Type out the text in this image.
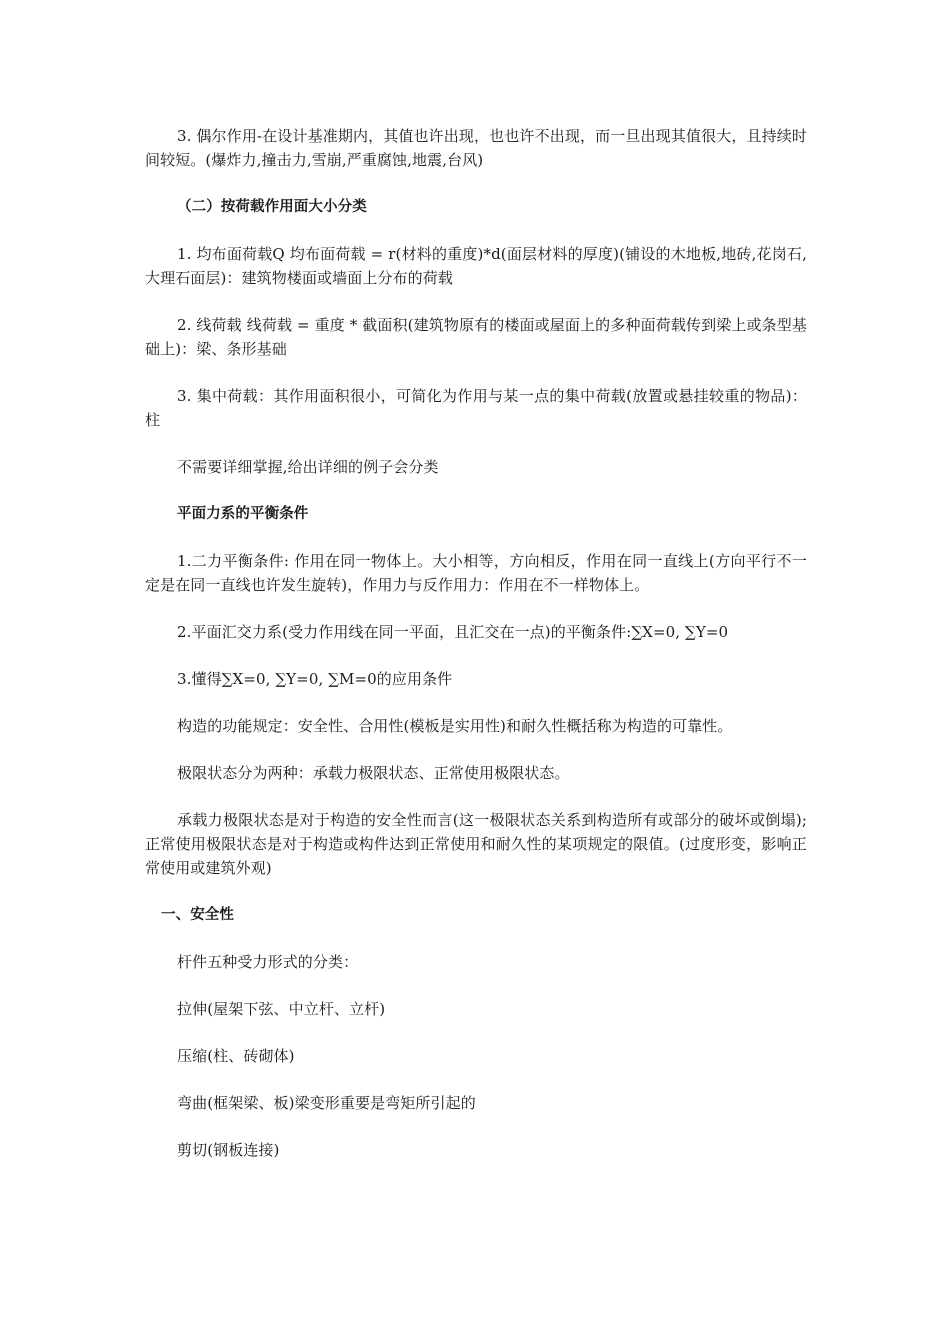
3. 偶尔作用-在设计基准期内，其值也许出现，也也许不出现，而一旦出现其值很大，且持续时间较短。(爆炸力,撞击力,雪崩,严重腐蚀,地震,台风)

（二）按荷载作用面大小分类

1. 均布面荷载Q 均布面荷载 = r(材料的重度)*d(面层材料的厚度)(铺设的木地板,地砖,花岗石,大理石面层)：建筑物楼面或墙面上分布的荷载

2. 线荷载 线荷载 = 重度 * 截面积(建筑物原有的楼面或屋面上的多种面荷载传到梁上或条型基础上)：梁、条形基础

3. 集中荷载：其作用面积很小，可简化为作用与某一点的集中荷载(放置或悬挂较重的物品)：柱

不需要详细掌握,给出详细的例子会分类

平面力系的平衡条件

1.二力平衡条件: 作用在同一物体上。大小相等，方向相反，作用在同一直线上(方向平行不一定是在同一直线也许发生旋转)，作用力与反作用力：作用在不一样物体上。

2.平面汇交力系(受力作用线在同一平面，且汇交在一点)的平衡条件:∑X=0, ∑Y=0

3.懂得∑X=0, ∑Y=0, ∑M=0的应用条件

构造的功能规定：安全性、合用性(模板是实用性)和耐久性概括称为构造的可靠性。

极限状态分为两种：承载力极限状态、正常使用极限状态。

承载力极限状态是对于构造的安全性而言(这一极限状态关系到构造所有或部分的破坏或倒塌);正常使用极限状态是对于构造或构件达到正常使用和耐久性的某项规定的限值。(过度形变，影响正常使用或建筑外观)

一、安全性

杆件五种受力形式的分类：

拉伸(屋架下弦、中立杆、立杆)

压缩(柱、砖砌体)

弯曲(框架梁、板)梁变形重要是弯矩所引起的

剪切(钢板连接)
